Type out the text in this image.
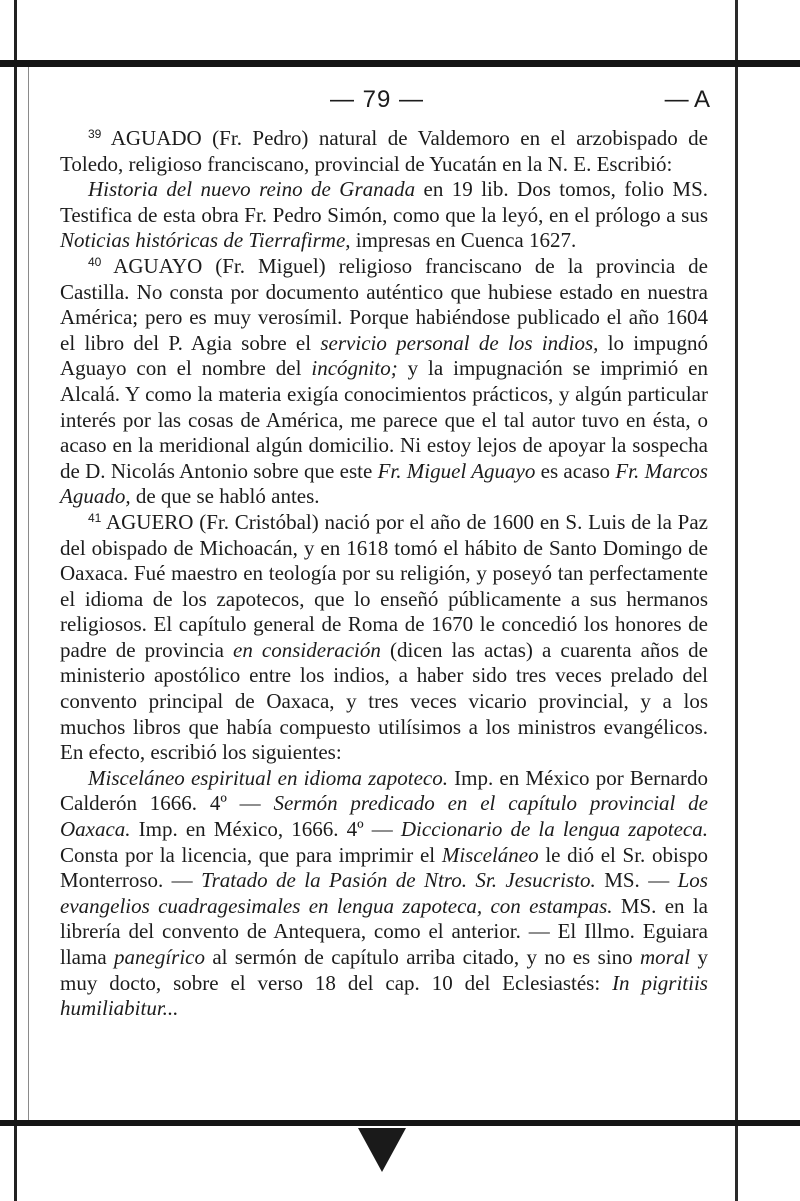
— 79 —	— A

$^{39}$ AGUADO (Fr. Pedro) natural de Valdemoro en el arzobispado de Toledo, religioso franciscano, provincial de Yucatán en la N. E. Escribió:

Historia del nuevo reino de Granada en 19 lib. Dos tomos, folio MS. Testifica de esta obra Fr. Pedro Simón, como que la leyó, en el prólogo a sus Noticias históricas de Tierrafirme, impresas en Cuenca 1627.

$^{40}$ AGUAYO (Fr. Miguel) religioso franciscano de la provincia de Castilla. No consta por documento auténtico que hubiese estado en nuestra América; pero es muy verosímil. Porque habiéndose publicado el año 1604 el libro del P. Agia sobre el servicio personal de los indios, lo impugnó Aguayo con el nombre del incógnito; y la impugnación se imprimió en Alcalá. Y como la materia exigía conocimientos prácticos, y algún particular interés por las cosas de América, me parece que el tal autor tuvo en ésta, o acaso en la meridional algún domicilio. Ni estoy lejos de apoyar la sospecha de D. Nicolás Antonio sobre que este Fr. Miguel Aguayo es acaso Fr. Marcos Aguado, de que se habló antes.

$^{41}$ AGUERO (Fr. Cristóbal) nació por el año de 1600 en S. Luis de la Paz del obispado de Michoacán, y en 1618 tomó el hábito de Santo Domingo de Oaxaca. Fué maestro en teología por su religión, y poseyó tan perfectamente el idioma de los zapotecos, que lo enseñó públicamente a sus hermanos religiosos. El capítulo general de Roma de 1670 le concedió los honores de padre de provincia en consideración (dicen las actas) a cuarenta años de ministerio apostólico entre los indios, a haber sido tres veces prelado del convento principal de Oaxaca, y tres veces vicario provincial, y a los muchos libros que había compuesto utilísimos a los ministros evangélicos. En efecto, escribió los siguientes:

Misceláneo espiritual en idioma zapoteco. Imp. en México por Bernardo Calderón 1666. 4º — Sermón predicado en el capítulo provincial de Oaxaca. Imp. en México, 1666. 4º — Diccionario de la lengua zapoteca. Consta por la licencia, que para imprimir el Misceláneo le dió el Sr. obispo Monterroso. — Tratado de la Pasión de Ntro. Sr. Jesucristo. MS. — Los evangelios cuadragesimales en lengua zapoteca, con estampas. MS. en la librería del convento de Antequera, como el anterior. — El Illmo. Eguiara llama panegírico al sermón de capítulo arriba citado, y no es sino moral y muy docto, sobre el verso 18 del cap. 10 del Eclesiastés: In pigritiis humiliabitur...
